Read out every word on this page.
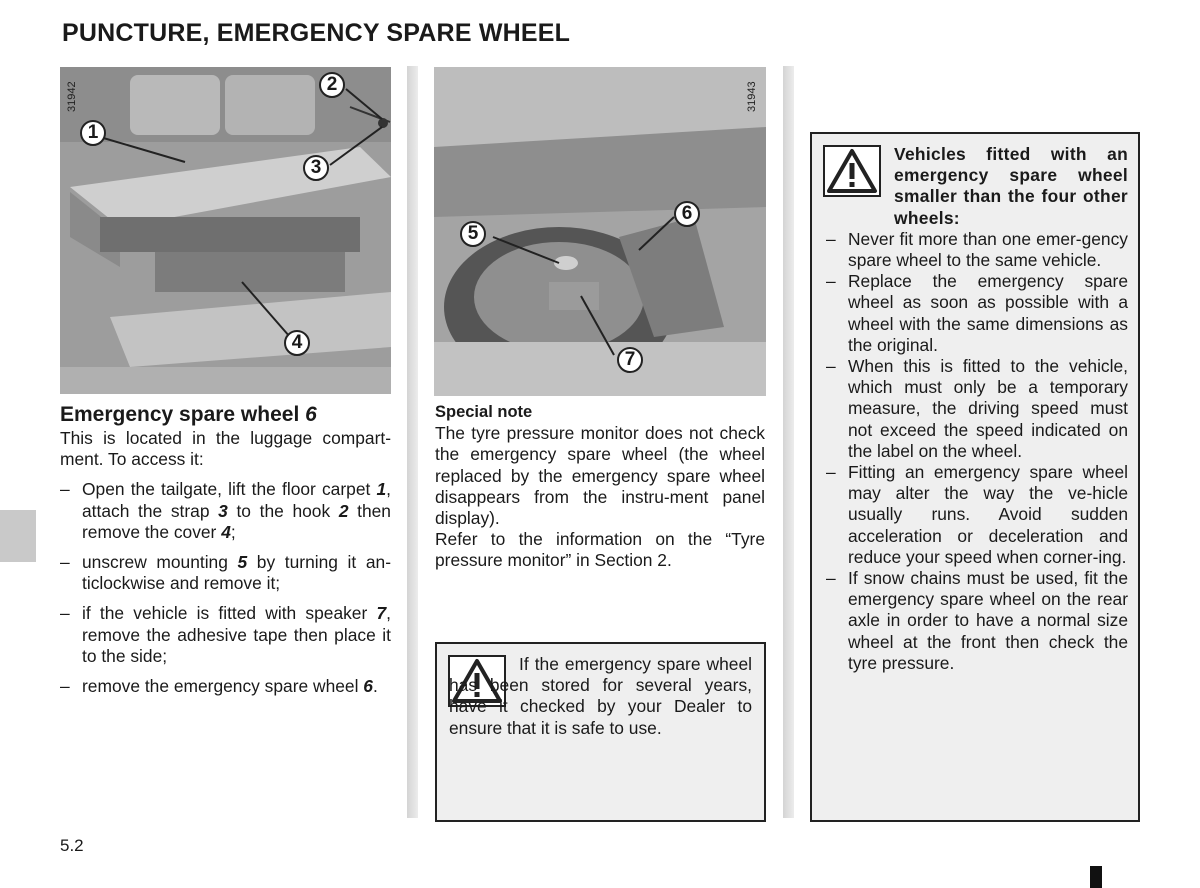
PUNCTURE, EMERGENCY SPARE WHEEL
1
2
3
4
31942
5
6
7
31943
Emergency spare wheel 6

This is located in the luggage compart-ment. To access it:

– Open the tailgate, lift the floor carpet 1, attach the strap 3 to the hook 2 then remove the cover 4;
– unscrew mounting 5 by turning it an-ticlockwise and remove it;
– if the vehicle is fitted with speaker 7, remove the adhesive tape then place it to the side;
– remove the emergency spare wheel 6.

Special note

The tyre pressure monitor does not check the emergency spare wheel (the wheel replaced by the emergency spare wheel disappears from the instru-ment panel display).

Refer to the information on the “Tyre pressure monitor” in Section 2.

If the emergency spare wheel has been stored for several years, have it checked by your Dealer to ensure that it is safe to use.

Vehicles fitted with an emergency spare wheel smaller than the four other wheels:

– Never fit more than one emer-gency spare wheel to the same vehicle.
– Replace the emergency spare wheel as soon as possible with a wheel with the same dimensions as the original.
– When this is fitted to the vehicle, which must only be a temporary measure, the driving speed must not exceed the speed indicated on the label on the wheel.
– Fitting an emergency spare wheel may alter the way the ve-hicle usually runs. Avoid sudden acceleration or deceleration and reduce your speed when corner-ing.
– If snow chains must be used, fit the emergency spare wheel on the rear axle in order to have a normal size wheel at the front then check the tyre pressure.
5.2
